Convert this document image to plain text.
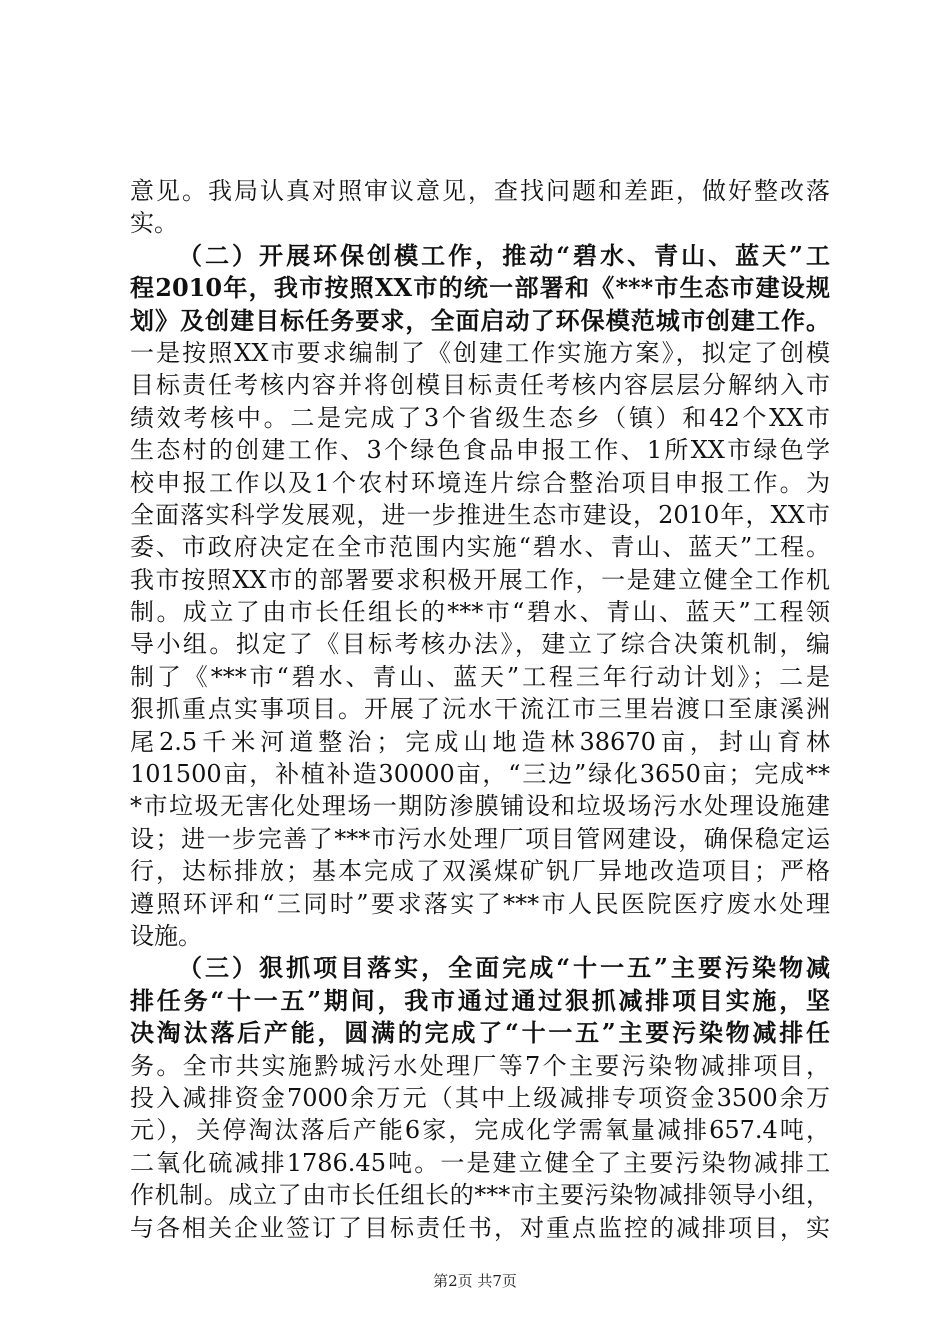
意见。我局认真对照审议意见，查找问题和差距，做好整改落
实。
（二）开展环保创模工作，推动“碧水、青山、蓝天”工
程2010年，我市按照XX市的统一部署和《***市生态市建设规
划》及创建目标任务要求，全面启动了环保模范城市创建工作。
一是按照XX市要求编制了《创建工作实施方案》，拟定了创模
目标责任考核内容并将创模目标责任考核内容层层分解纳入市
绩效考核中。二是完成了3个省级生态乡（镇）和42个XX市
生态村的创建工作、3个绿色食品申报工作、1所XX市绿色学
校申报工作以及1个农村环境连片综合整治项目申报工作。为
全面落实科学发展观，进一步推进生态市建设，2010年，XX市
委、市政府决定在全市范围内实施“碧水、青山、蓝天”工程。
我市按照XX市的部署要求积极开展工作，一是建立健全工作机
制。成立了由市长任组长的***市“碧水、青山、蓝天”工程领
导小组。拟定了《目标考核办法》，建立了综合决策机制，编
制了《***市“碧水、青山、蓝天”工程三年行动计划》；二是
狠抓重点实事项目。开展了沅水干流江市三里岩渡口至康溪洲
尾2.5千米河道整治；完成山地造林38670亩，封山育林
101500亩，补植补造30000亩，“三边”绿化3650亩；完成**
*市垃圾无害化处理场一期防渗膜铺设和垃圾场污水处理设施建
设；进一步完善了***市污水处理厂项目管网建设，确保稳定运
行，达标排放；基本完成了双溪煤矿钒厂异地改造项目；严格
遵照环评和“三同时”要求落实了***市人民医院医疗废水处理
设施。
（三）狠抓项目落实，全面完成“十一五”主要污染物减
排任务“十一五”期间，我市通过通过狠抓减排项目实施，坚
决淘汰落后产能，圆满的完成了“十一五”主要污染物减排任
务。全市共实施黔城污水处理厂等7个主要污染物减排项目，
投入减排资金7000余万元（其中上级减排专项资金3500余万
元），关停淘汰落后产能6家，完成化学需氧量减排657.4吨，
二氧化硫减排1786.45吨。一是建立健全了主要污染物减排工
作机制。成立了由市长任组长的***市主要污染物减排领导小组，
与各相关企业签订了目标责任书，对重点监控的减排项目，实
第2页 共7页
